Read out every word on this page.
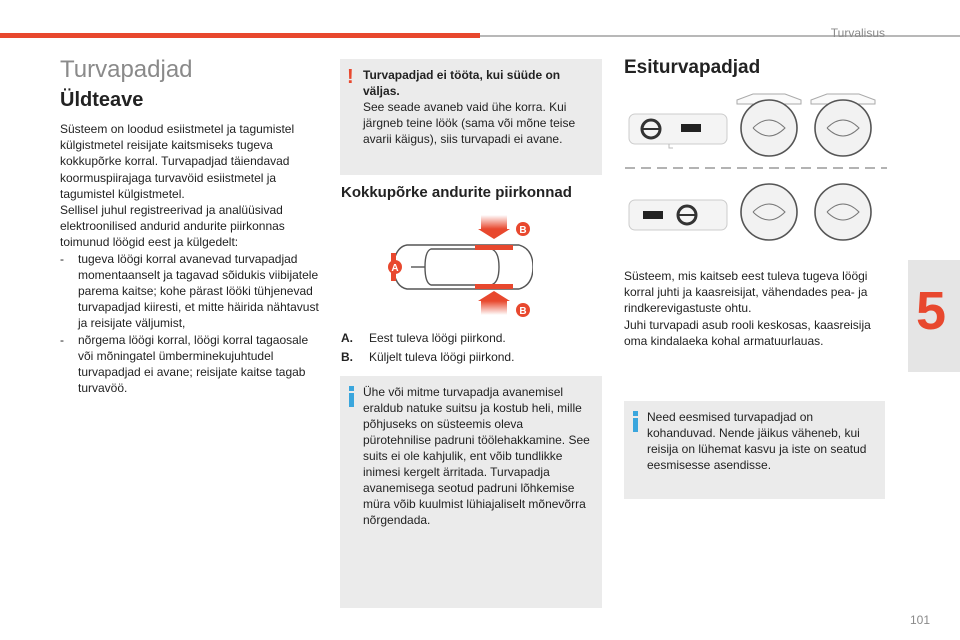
Turvalisus
5
Turvapadjad
Üldteave

Süsteem on loodud esiistmetel ja tagumistel külgistmetel reisijate kaitsmiseks tugeva kokkupõrke korral. Turvapadjad täiendavad koormuspiirajaga turvavöid esiistmetel ja tagumistel külgistmetel.

Sellisel juhul registreerivad ja analüüsivad elektroonilised andurid andurite piirkonnas toimunud löögid eest ja külgedelt:

- tugeva löögi korral avanevad turvapadjad momentaanselt ja tagavad sõidukis viibijatele parema kaitse; kohe pärast lööki tühjenevad turvapadjad kiiresti, et mitte häirida nähtavust ja reisijate väljumist,
- nõrgema löögi korral, löögi korral tagaosale või mõningatel ümberminekujuhtudel turvapadjad ei avane; reisijate kaitse tagab turvavöö.
! Turvapadjad ei tööta, kui süüde on väljas.
See seade avaneb vaid ühe korra. Kui järgneb teine löök (sama või mõne teise avarii käigus), siis turvapadi ei avane.
Kokkupõrke andurite piirkonnad
B
B
A
A. Eest tuleva löögi piirkond.
B. Küljelt tuleva löögi piirkond.
Ühe või mitme turvapadja avanemisel eraldub natuke suitsu ja kostub heli, mille põhjuseks on süsteemis oleva pürotehnilise padruni töölehakkamine. See suits ei ole kahjulik, ent võib tundlikke inimesi kergelt ärritada. Turvapadja avanemisega seotud padruni lõhkemise müra võib kuulmist lühiajaliselt mõnevõrra nõrgendada.
Esiturvapadjad

Süsteem, mis kaitseb eest tuleva tugeva löögi korral juhti ja kaasreisijat, vähendades pea- ja rindkerevigastuste ohtu.

Juhi turvapadi asub rooli keskosas, kaasreisija oma kindalaeka kohal armatuurlauas.

Need eesmised turvapadjad on kohanduvad. Nende jäikus väheneb, kui reisija on lühemat kasvu ja iste on seatud eesmisesse asendisse.
101
